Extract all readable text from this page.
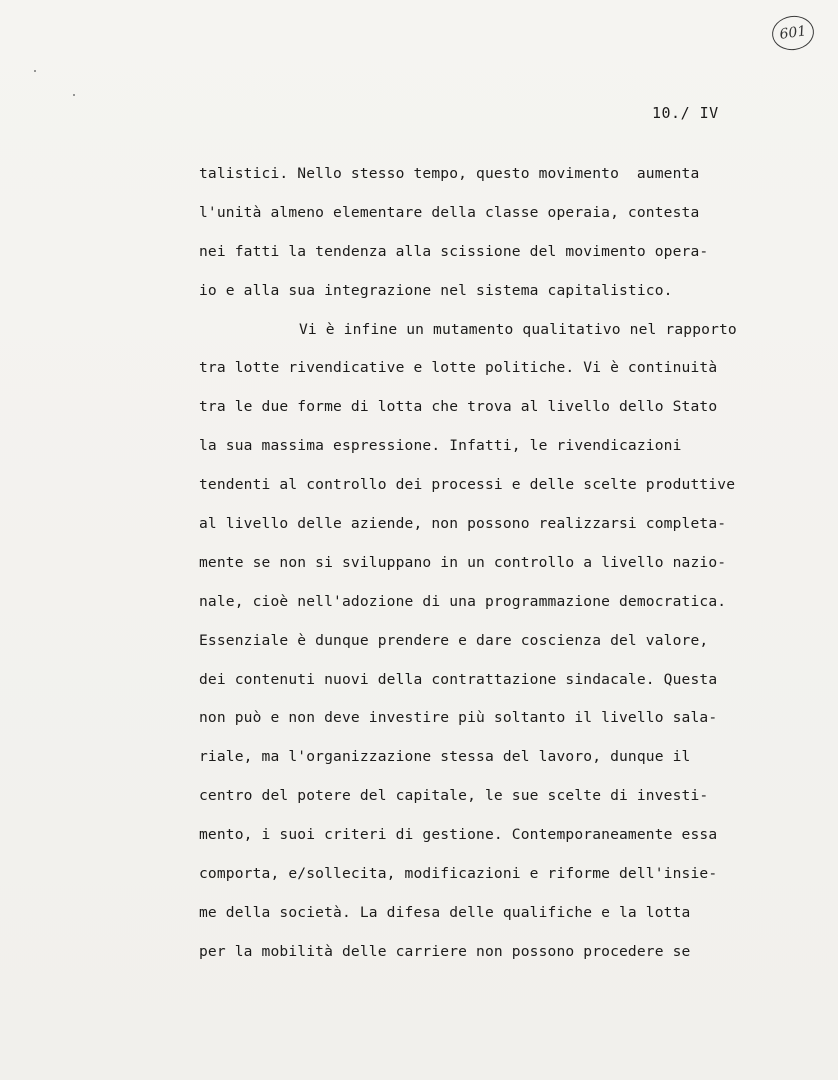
601
10./ IV
talistici. Nello stesso tempo, questo movimento  aumenta
l'unità almeno elementare della classe operaia, contesta
nei fatti la tendenza alla scissione del movimento opera-
io e alla sua integrazione nel sistema capitalistico.
Vi è infine un mutamento qualitativo nel rapporto
tra lotte rivendicative e lotte politiche. Vi è continuità
tra le due forme di lotta che trova al livello dello Stato
la sua massima espressione. Infatti, le rivendicazioni
tendenti al controllo dei processi e delle scelte produttive
al livello delle aziende, non possono realizzarsi completa-
mente se non si sviluppano in un controllo a livello nazio-
nale, cioè nell'adozione di una programmazione democratica.
Essenziale è dunque prendere e dare coscienza del valore,
dei contenuti nuovi della contrattazione sindacale. Questa
non può e non deve investire più soltanto il livello sala-
riale, ma l'organizzazione stessa del lavoro, dunque il
centro del potere del capitale, le sue scelte di investi-
mento, i suoi criteri di gestione. Contemporaneamente essa
comporta, e/sollecita, modificazioni e riforme dell'insie-
me della società. La difesa delle qualifiche e la lotta
per la mobilità delle carriere non possono procedere se
